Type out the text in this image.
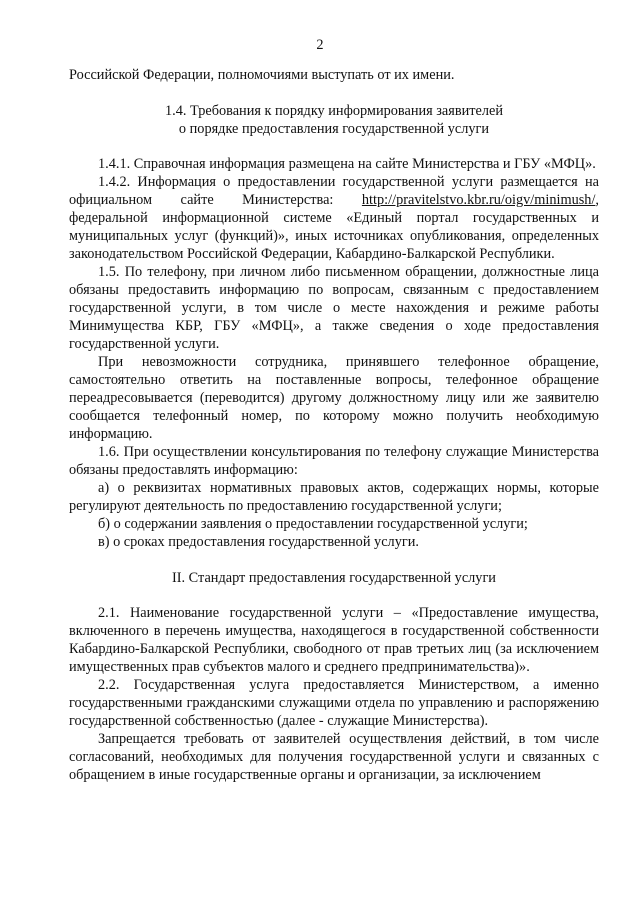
2

Российской Федерации, полномочиями выступать от их имени.

1.4. Требования к порядку информирования заявителей

о порядке предоставления государственной услуги

1.4.1. Справочная информация размещена на сайте Министерства и ГБУ «МФЦ».

1.4.2. Информация о предоставлении государственной услуги размещается на официальном сайте Министерства: http://pravitelstvo.kbr.ru/oigv/minimush/, федеральной информационной системе «Единый портал государственных и муниципальных услуг (функций)», иных источниках опубликования, определенных законодательством Российской Федерации, Кабардино-Балкарской Республики.

1.5. По телефону, при личном либо письменном обращении, должностные лица обязаны предоставить информацию по вопросам, связанным с предоставлением государственной услуги, в том числе о месте нахождения и режиме работы Минимущества КБР, ГБУ «МФЦ», а также сведения о ходе предоставления государственной услуги.

При невозможности сотрудника, принявшего телефонное обращение, самостоятельно ответить на поставленные вопросы, телефонное обращение переадресовывается (переводится) другому должностному лицу или же заявителю сообщается телефонный номер, по которому можно получить необходимую информацию.

1.6. При осуществлении консультирования по телефону служащие Министерства обязаны предоставлять информацию:

а) о реквизитах нормативных правовых актов, содержащих нормы, которые регулируют деятельность по предоставлению государственной услуги;

б) о содержании заявления о предоставлении государственной услуги;

в) о сроках предоставления государственной услуги.

II. Стандарт предоставления государственной услуги

2.1. Наименование государственной услуги – «Предоставление имущества, включенного в перечень имущества, находящегося в государственной собственности Кабардино-Балкарской Республики, свободного от прав третьих лиц (за исключением имущественных прав субъектов малого и среднего предпринимательства)».

2.2. Государственная услуга предоставляется Министерством, а именно государственными гражданскими служащими отдела по управлению и распоряжению государственной собственностью (далее - служащие Министерства).

Запрещается требовать от заявителей осуществления действий, в том числе согласований, необходимых для получения государственной услуги и связанных с обращением в иные государственные органы и организации, за исключением
